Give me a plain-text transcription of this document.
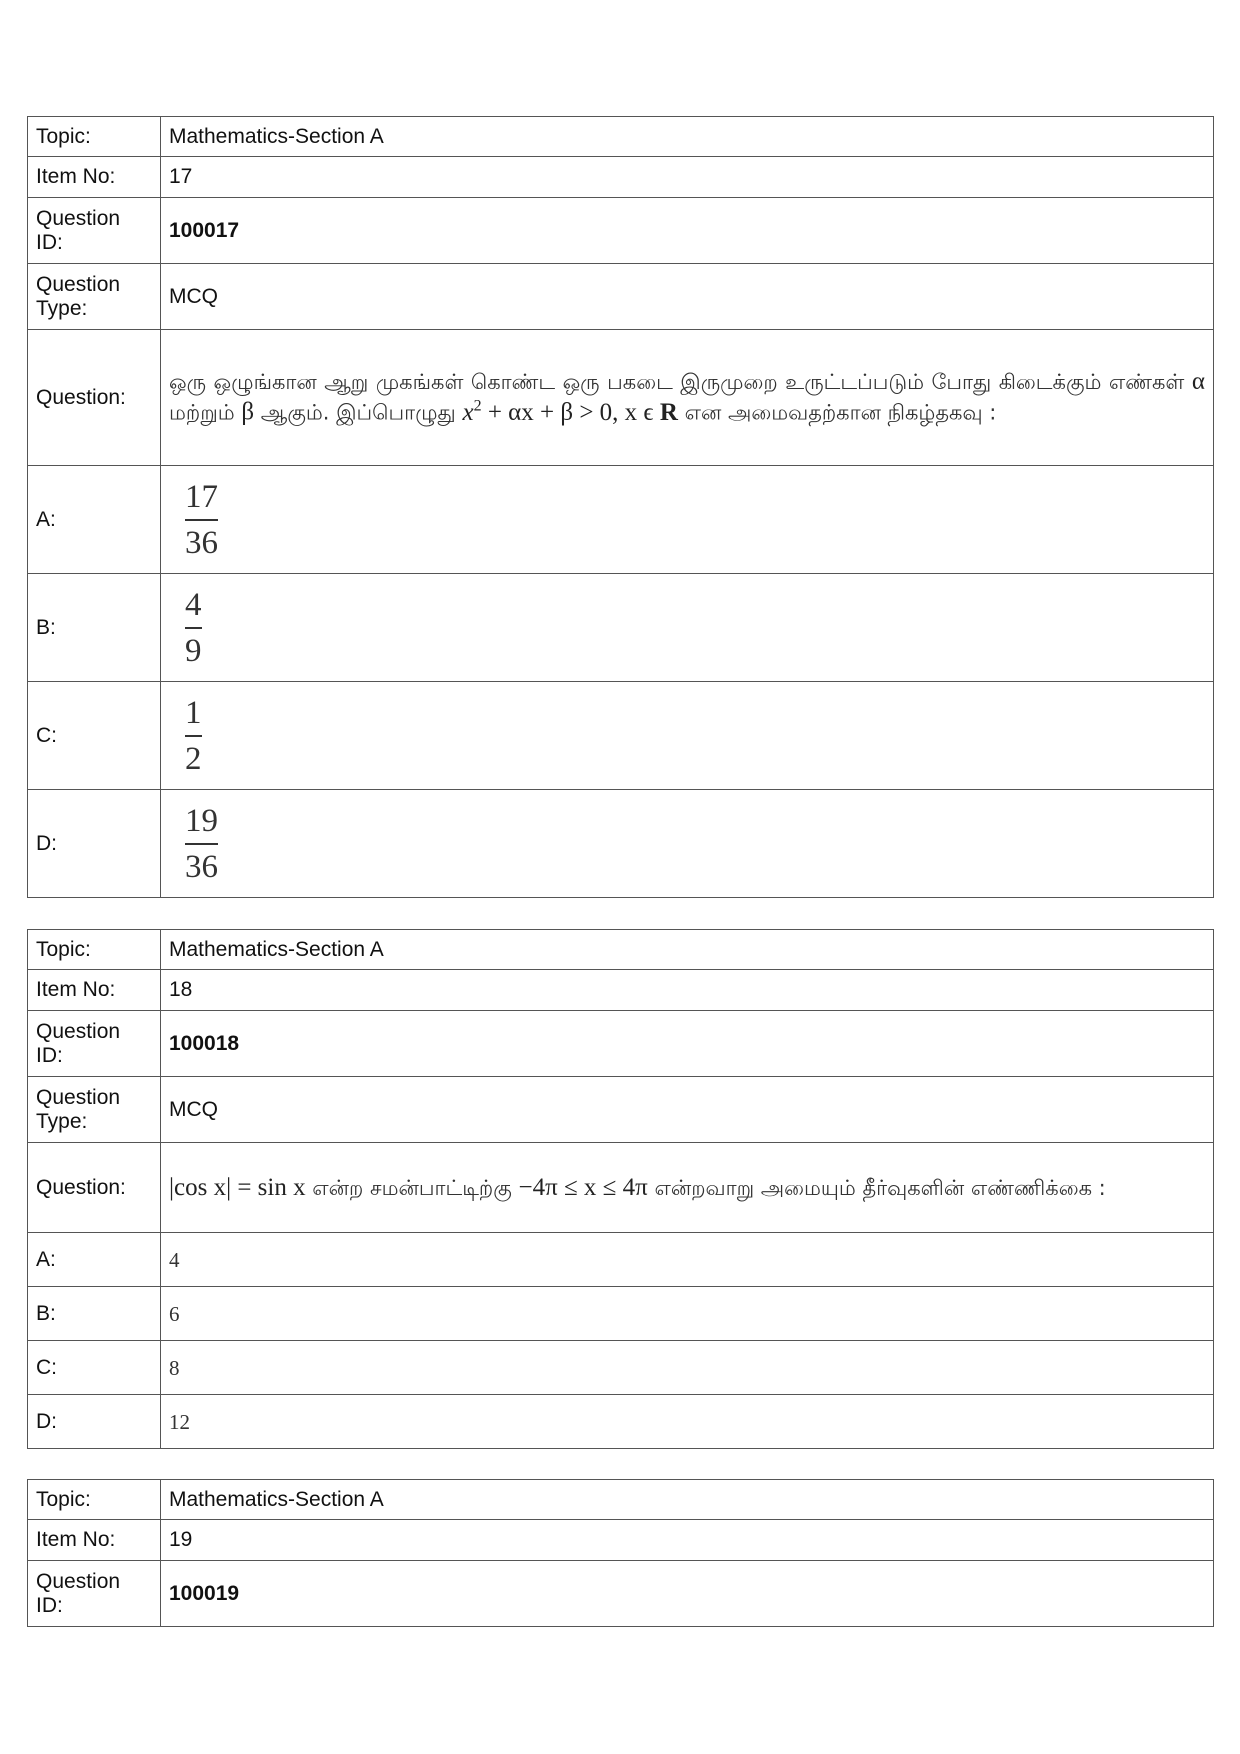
Topic:	Mathematics-Section A
Item No:	17
Question ID:	100017
Question Type:	MCQ
Question:	ஒரு ஒழுங்கான ஆறு முகங்கள் கொண்ட ஒரு பகடை இருமுறை உருட்டப்படும் போது கிடைக்கும் எண்கள் α மற்றும் β ஆகும். இப்பொழுது $x^2 + \alpha x + \beta > 0$, x ϵ R என அமைவதற்கான நிகழ்தகவு :
A:	$\frac{17}{36}$

B:	$\frac{4}{9}$

C:	$\frac{1}{2}$

D:	$\frac{19}{36}$
Topic:	Mathematics-Section A
Item No:	18
Question ID:	100018
Question Type:	MCQ
Question:	|cos x| = sin x என்ற சமன்பாட்டிற்கு −4π ≤ x ≤ 4π என்றவாறு அமையும் தீர்வுகளின் எண்ணிக்கை :
A:	4
B:	6
C:	8
D:	12
Topic:	Mathematics-Section A
Item No:	19
Question ID:	100019
